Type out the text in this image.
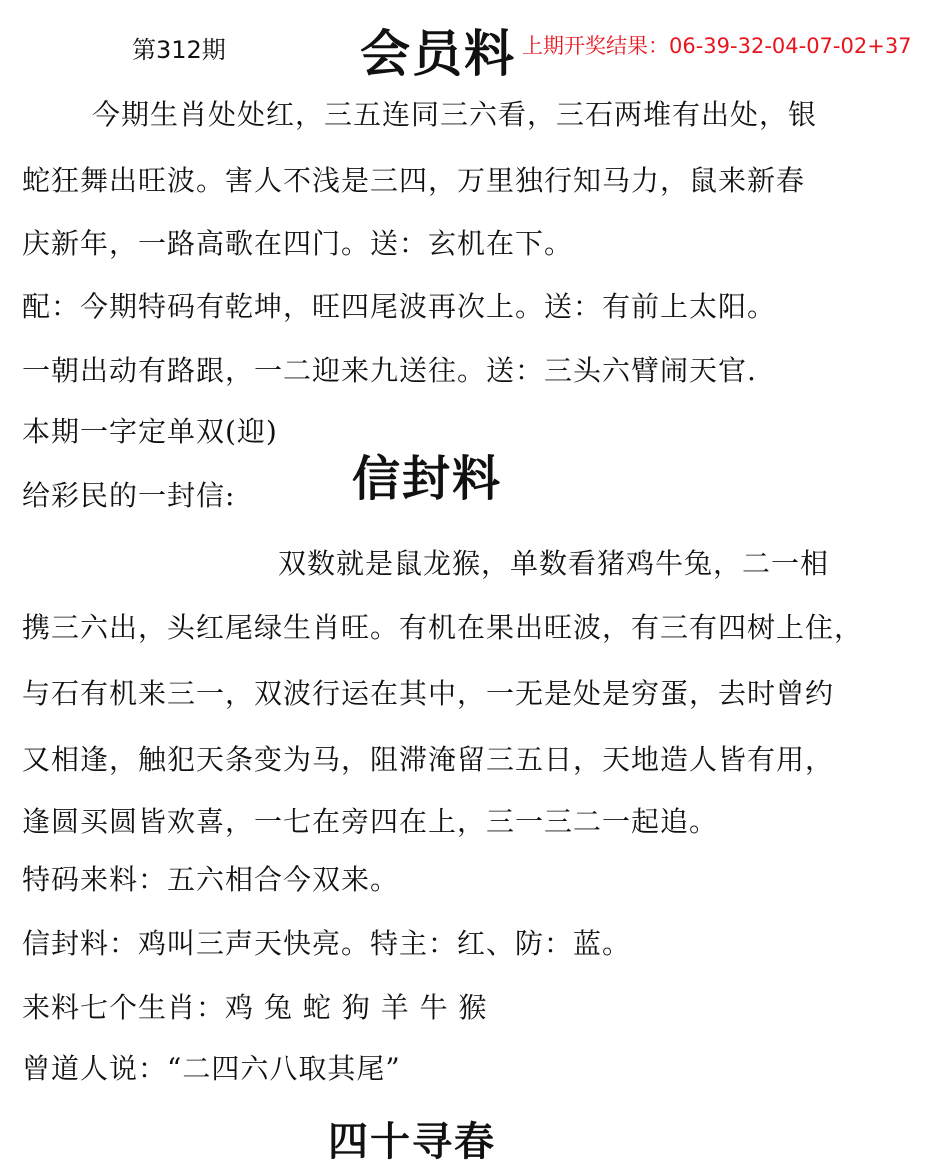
第312期	会员料 上期开奖结果：06-39-32-04-07-02+37
今期生肖处处红，三五连同三六看，三石两堆有出处，银
蛇狂舞出旺波。害人不浅是三四，万里独行知马力，鼠来新春
庆新年，一路高歌在四门。送：玄机在下。
配：今期特码有乾坤，旺四尾波再次上。送：有前上太阳。
一朝出动有路跟，一二迎来九送往。送：三头六臂闹天官.
本期一字定单双(迎)
信封料
给彩民的一封信:
双数就是鼠龙猴，单数看猪鸡牛兔，二一相
携三六出，头红尾绿生肖旺。有机在果出旺波，有三有四树上住，
与石有机来三一，双波行运在其中，一无是处是穷蛋，去时曾约
又相逢，触犯天条变为马，阻滞淹留三五日，天地造人皆有用，
逢圆买圆皆欢喜，一七在旁四在上，三一三二一起追。
特码来料：五六相合今双来。
信封料：鸡叫三声天快亮。特主：红、防：蓝。
来料七个生肖：鸡 兔 蛇 狗 羊 牛 猴
曾道人说：“二四六八取其尾”
四十寻春
